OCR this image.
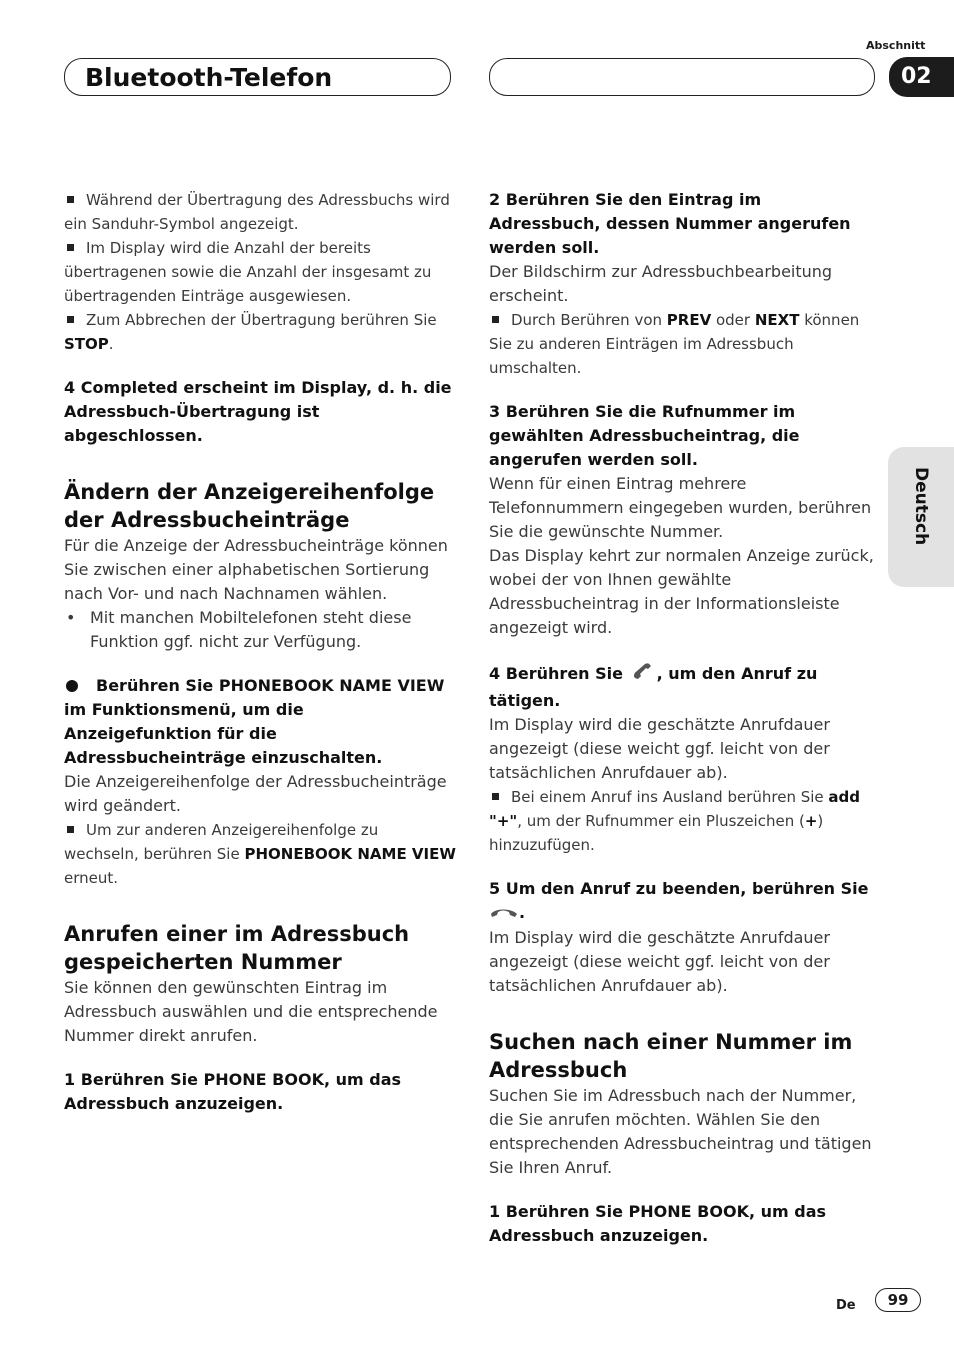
Bluetooth-Telefon
Abschnitt
02
Deutsch

Während der Übertragung des Adressbuchs wird ein Sanduhr-Symbol angezeigt.

Im Display wird die Anzahl der bereits übertragenen sowie die Anzahl der insgesamt zu übertragenden Einträge ausgewiesen.

Zum Abbrechen der Übertragung berühren Sie STOP.

4 Completed erscheint im Display, d. h. die Adressbuch-Übertragung ist abgeschlossen.

Ändern der Anzeigereihenfolge der Adressbucheinträge

Für die Anzeige der Adressbucheinträge können Sie zwischen einer alphabetischen Sortierung nach Vor- und nach Nachnamen wählen.

• Mit manchen Mobiltelefonen steht diese Funktion ggf. nicht zur Verfügung.

Berühren Sie PHONEBOOK NAME VIEW im Funktionsmenü, um die Anzeigefunktion für die Adressbucheinträge einzuschalten.

Die Anzeigereihenfolge der Adressbucheinträge wird geändert.

Um zur anderen Anzeigereihenfolge zu wechseln, berühren Sie PHONEBOOK NAME VIEW erneut.

Anrufen einer im Adressbuch gespeicherten Nummer

Sie können den gewünschten Eintrag im Adressbuch auswählen und die entsprechende Nummer direkt anrufen.

1 Berühren Sie PHONE BOOK, um das Adressbuch anzuzeigen.

2 Berühren Sie den Eintrag im Adressbuch, dessen Nummer angerufen werden soll.

Der Bildschirm zur Adressbuchbearbeitung erscheint.

Durch Berühren von PREV oder NEXT können Sie zu anderen Einträgen im Adressbuch umschalten.

3 Berühren Sie die Rufnummer im gewählten Adressbucheintrag, die angerufen werden soll.

Wenn für einen Eintrag mehrere Telefonnummern eingegeben wurden, berühren Sie die gewünschte Nummer.

Das Display kehrt zur normalen Anzeige zurück, wobei der von Ihnen gewählte Adressbucheintrag in der Informationsleiste angezeigt wird.

4 Berühren Sie , um den Anruf zu tätigen.

Im Display wird die geschätzte Anrufdauer angezeigt (diese weicht ggf. leicht von der tatsächlichen Anrufdauer ab).

Bei einem Anruf ins Ausland berühren Sie add "+", um der Rufnummer ein Pluszeichen (+) hinzuzufügen.

5 Um den Anruf zu beenden, berühren Sie .

Im Display wird die geschätzte Anrufdauer angezeigt (diese weicht ggf. leicht von der tatsächlichen Anrufdauer ab).

Suchen nach einer Nummer im Adressbuch

Suchen Sie im Adressbuch nach der Nummer, die Sie anrufen möchten. Wählen Sie den entsprechenden Adressbucheintrag und tätigen Sie Ihren Anruf.

1 Berühren Sie PHONE BOOK, um das Adressbuch anzuzeigen.

De	99
